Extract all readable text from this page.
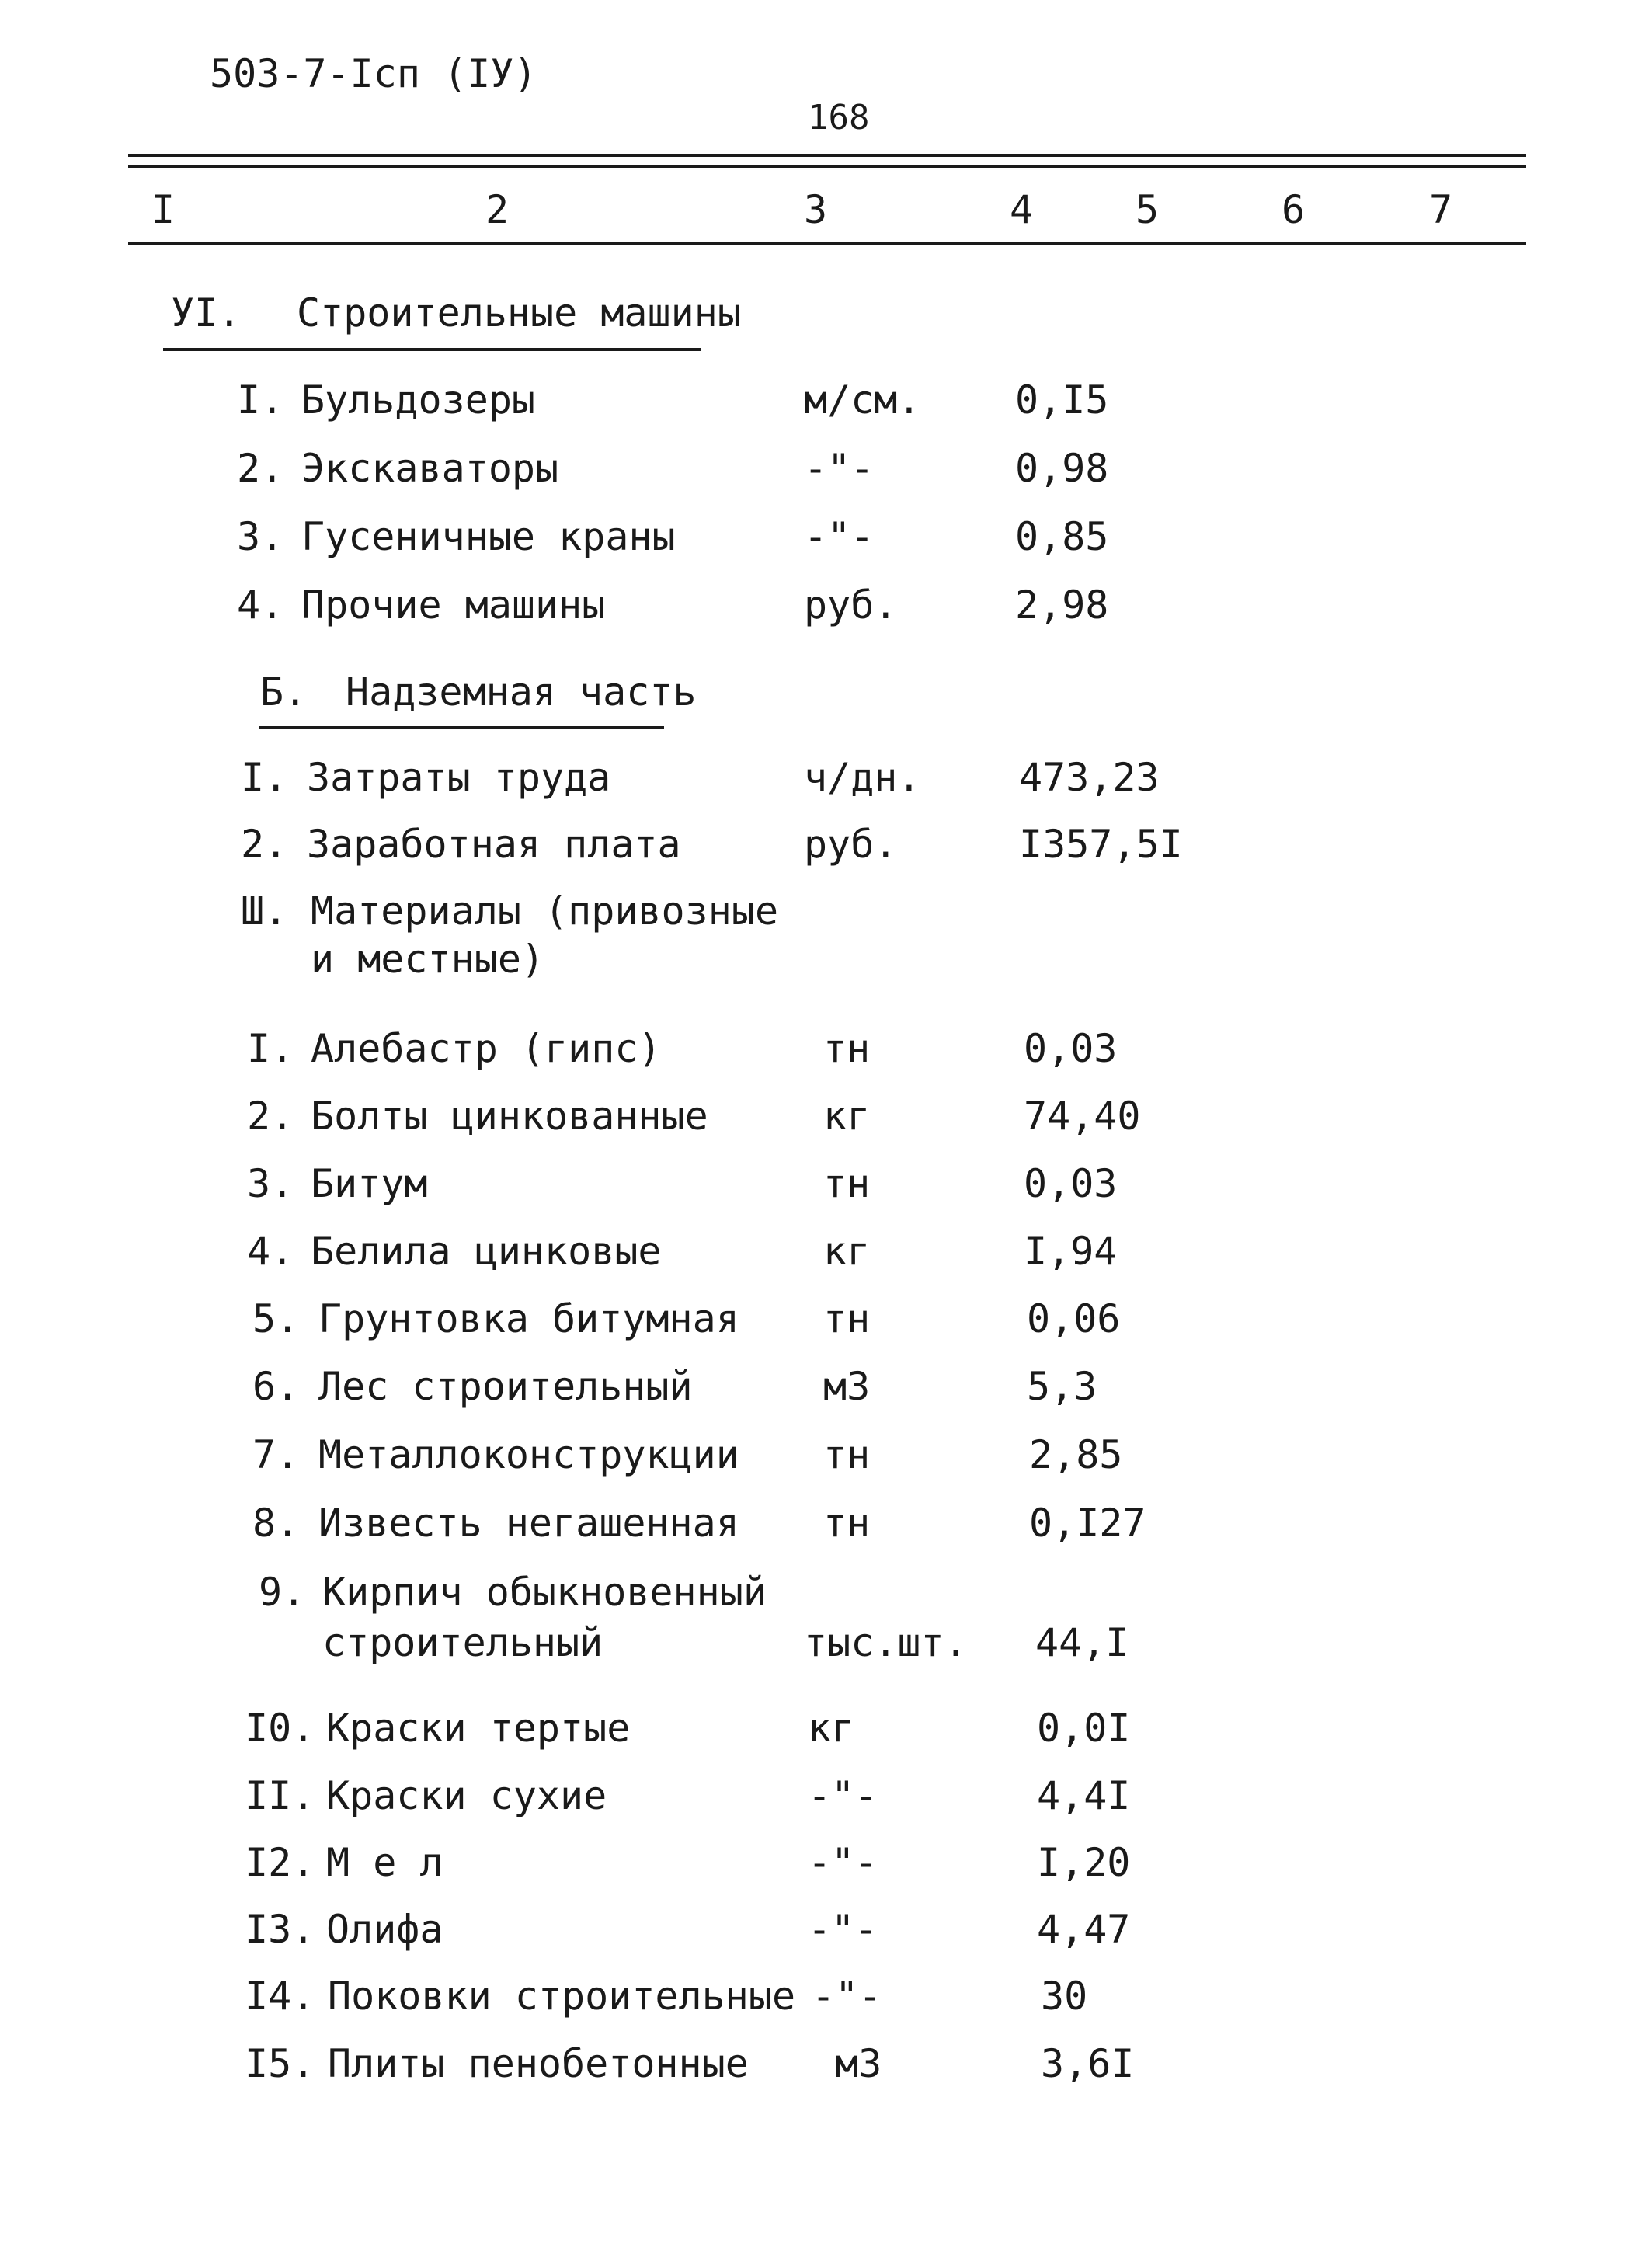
503-7-Icп (IУ)
168
I	2	3	4	5	6	7
УI. Строительные машины
I. Бульдозеры	м/см. 0,I5
2. Экскаваторы	-"-	0,98
3. Гусеничные краны	-"-	0,85
4. Прочие машины	руб.	2,98
Б. Надземная часть
I. Затраты труда	ч/дн.	473,23
2. Заработная плата	руб.	I357,5I
Ш. Материалы (привозные
и местные)
I. Алебастр (гипс)	тн	0,03
2. Болты цинкованные	кг	74,40
3. Битум	тн	0,03
4. Белила цинковые	кг	I,94
5. Грунтовка битумная тн	0,06
6. Лес строительный	м3	5,3
7. Металлоконструкции тн	2,85
8. Известь негашенная тн	0,I27
9. Кирпич обыкновенный
строительный	тыс.шт. 44,I
I0. Краски тертые	кг	0,0I
II. Краски сухие	-"-	4,4I
I2. М е л	-"-	I,20
I3. Олифа	-"-	4,47
I4. Поковки строительные -"-	30
I5. Плиты пенобетонные м3	3,6I
